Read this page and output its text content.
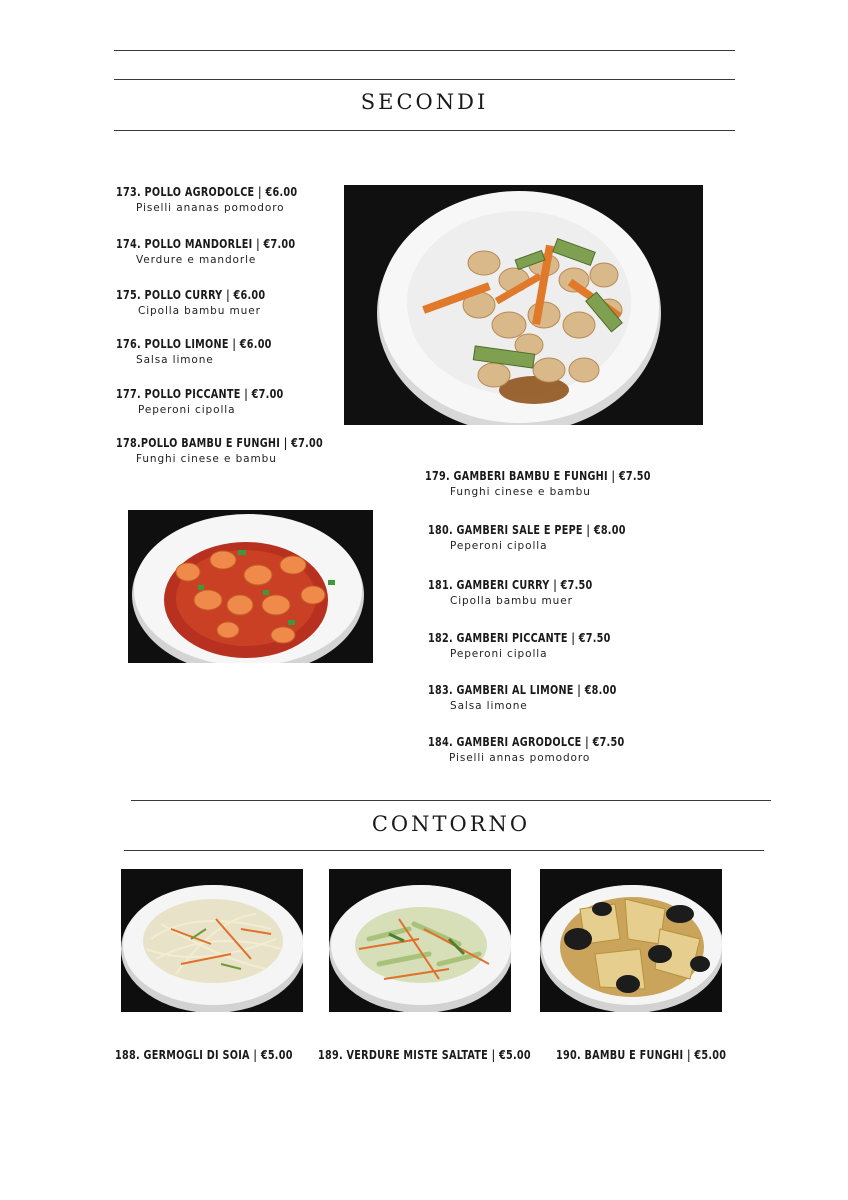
SECONDI
173. POLLO AGRODOLCE | €6.00
Piselli ananas pomodoro
174. POLLO MANDORLEI | €7.00
Verdure e mandorle
175. POLLO CURRY | €6.00
Cipolla bambu muer
176. POLLO LIMONE | €6.00
Salsa limone
177. POLLO PICCANTE | €7.00
Peperoni cipolla
178.POLLO BAMBU E FUNGHI | €7.00
Funghi cinese e bambu
179. GAMBERI BAMBU E FUNGHI | €7.50
Funghi cinese e bambu
180. GAMBERI SALE E PEPE | €8.00
Peperoni cipolla
181. GAMBERI CURRY | €7.50
Cipolla bambu muer
182. GAMBERI PICCANTE | €7.50
Peperoni cipolla
183. GAMBERI AL LIMONE | €8.00
Salsa limone
184. GAMBERI AGRODOLCE | €7.50
Piselli annas pomodoro
CONTORNO
188. GERMOGLI DI SOIA | €5.00 189. VERDURE MISTE SALTATE | €5.00 190. BAMBU E FUNGHI | €5.00
